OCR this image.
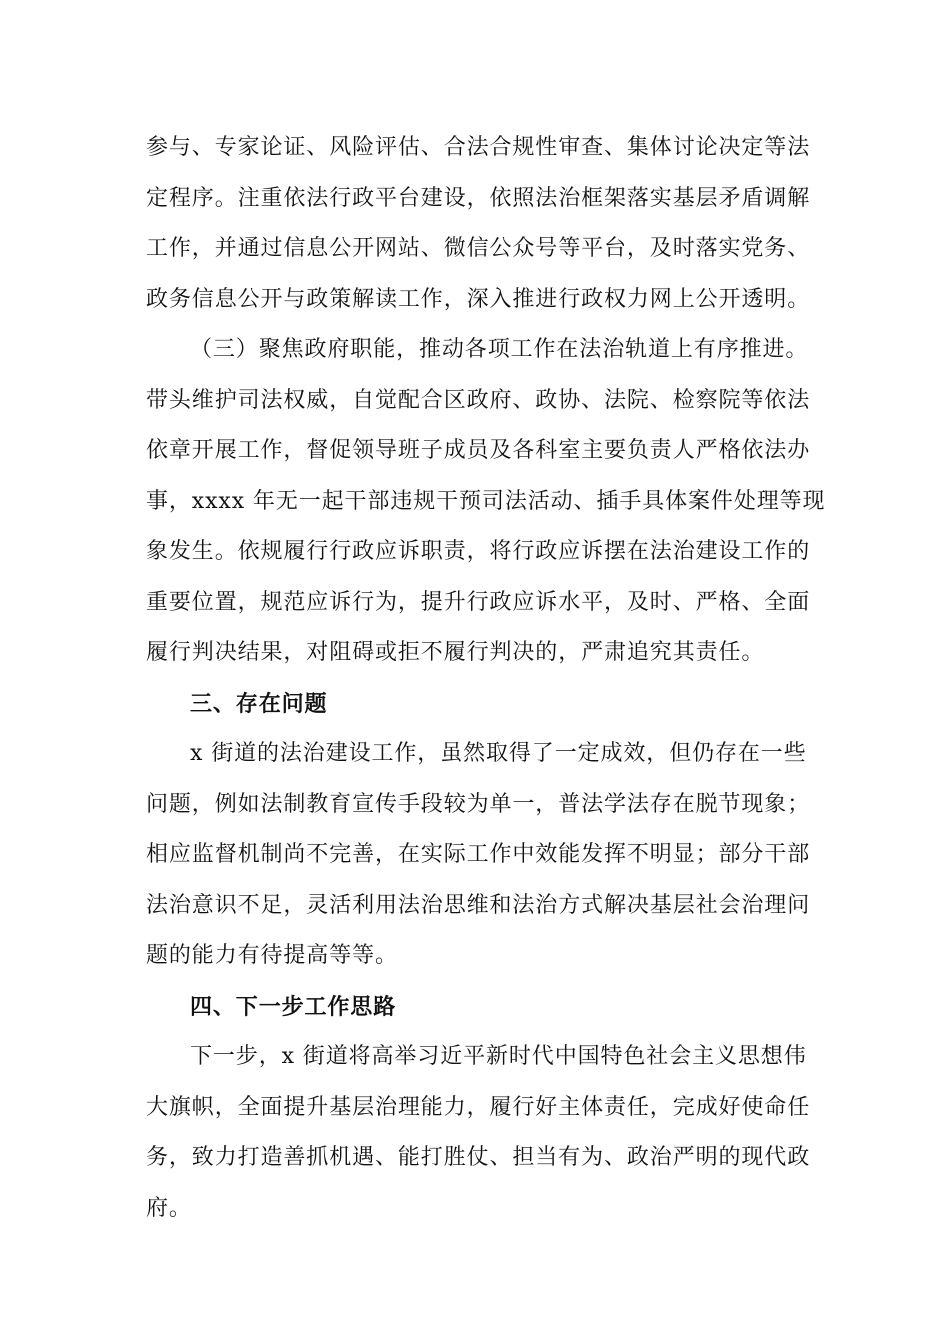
参与、专家论证、风险评估、合法合规性审查、集体讨论决定等法
定程序。注重依法行政平台建设，依照法治框架落实基层矛盾调解
工作，并通过信息公开网站、微信公众号等平台，及时落实党务、
政务信息公开与政策解读工作，深入推进行政权力网上公开透明。
（三）聚焦政府职能，推动各项工作在法治轨道上有序推进。
带头维护司法权威，自觉配合区政府、政协、法院、检察院等依法
依章开展工作，督促领导班子成员及各科室主要负责人严格依法办
事，xxxx 年无一起干部违规干预司法活动、插手具体案件处理等现
象发生。依规履行行政应诉职责，将行政应诉摆在法治建设工作的
重要位置，规范应诉行为，提升行政应诉水平，及时、严格、全面
履行判决结果，对阻碍或拒不履行判决的，严肃追究其责任。
三、存在问题
x 街道的法治建设工作，虽然取得了一定成效，但仍存在一些
问题，例如法制教育宣传手段较为单一，普法学法存在脱节现象；
相应监督机制尚不完善，在实际工作中效能发挥不明显；部分干部
法治意识不足，灵活利用法治思维和法治方式解决基层社会治理问
题的能力有待提高等等。
四、下一步工作思路
下一步，x 街道将高举习近平新时代中国特色社会主义思想伟
大旗帜，全面提升基层治理能力，履行好主体责任，完成好使命任
务，致力打造善抓机遇、能打胜仗、担当有为、政治严明的现代政
府。
